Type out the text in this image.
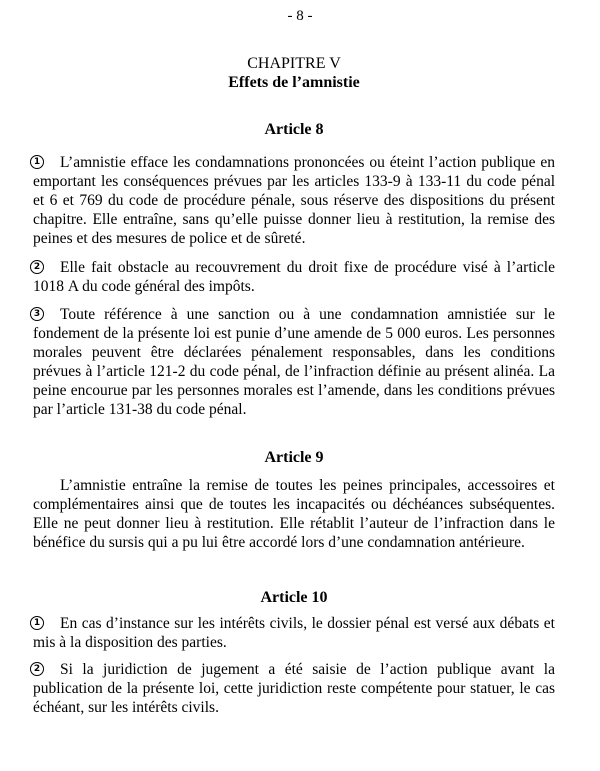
- 8 -
CHAPITRE V
Effets de l’amnistie
Article 8

1 L’amnistie efface les condamnations prononcées ou éteint l’action publique en emportant les conséquences prévues par les articles 133-9 à 133-11 du code pénal et 6 et 769 du code de procédure pénale, sous réserve des dispositions du présent chapitre. Elle entraîne, sans qu’elle puisse donner lieu à restitution, la remise des peines et des mesures de police et de sûreté.

2 Elle fait obstacle au recouvrement du droit fixe de procédure visé à l’article 1018 A du code général des impôts.

3 Toute référence à une sanction ou à une condamnation amnistiée sur le fondement de la présente loi est punie d’une amende de 5 000 euros. Les personnes morales peuvent être déclarées pénalement responsables, dans les conditions prévues à l’article 121-2 du code pénal, de l’infraction définie au présent alinéa. La peine encourue par les personnes morales est l’amende, dans les conditions prévues par l’article 131-38 du code pénal.

Article 9

L’amnistie entraîne la remise de toutes les peines principales, accessoires et complémentaires ainsi que de toutes les incapacités ou déchéances subséquentes. Elle ne peut donner lieu à restitution. Elle rétablit l’auteur de l’infraction dans le bénéfice du sursis qui a pu lui être accordé lors d’une condamnation antérieure.

Article 10

1 En cas d’instance sur les intérêts civils, le dossier pénal est versé aux débats et mis à la disposition des parties.

2 Si la juridiction de jugement a été saisie de l’action publique avant la publication de la présente loi, cette juridiction reste compétente pour statuer, le cas échéant, sur les intérêts civils.
